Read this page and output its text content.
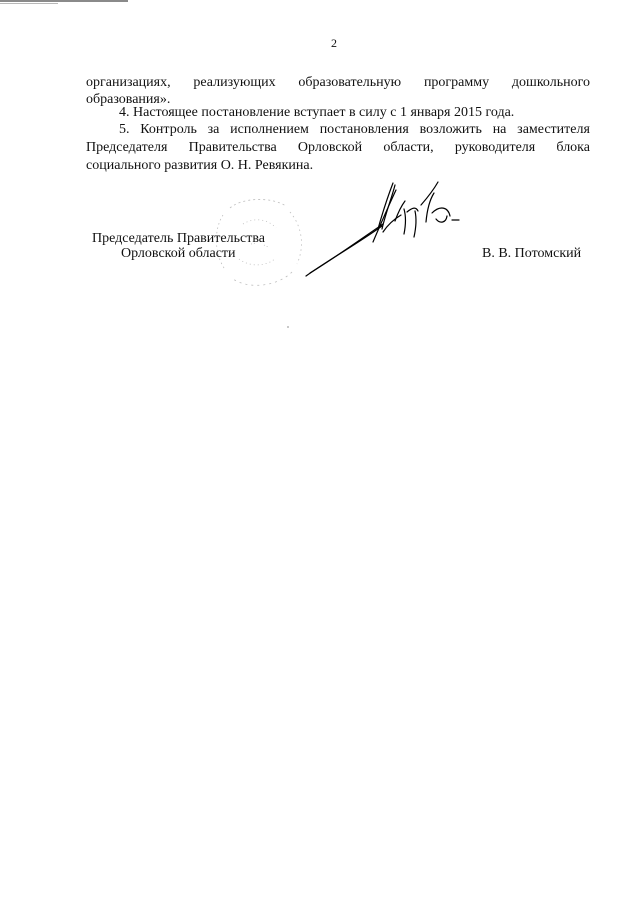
2
организациях, реализующих образовательную программу дошкольного
образования».
4. Настоящее постановление вступает в силу с 1 января 2015 года.
5. Контроль за исполнением постановления возложить на заместителя
Председателя Правительства Орловской области, руководителя блока
социального развития О. Н. Ревякина.
Председатель Правительства
Орловской области	В. В. Потомский
